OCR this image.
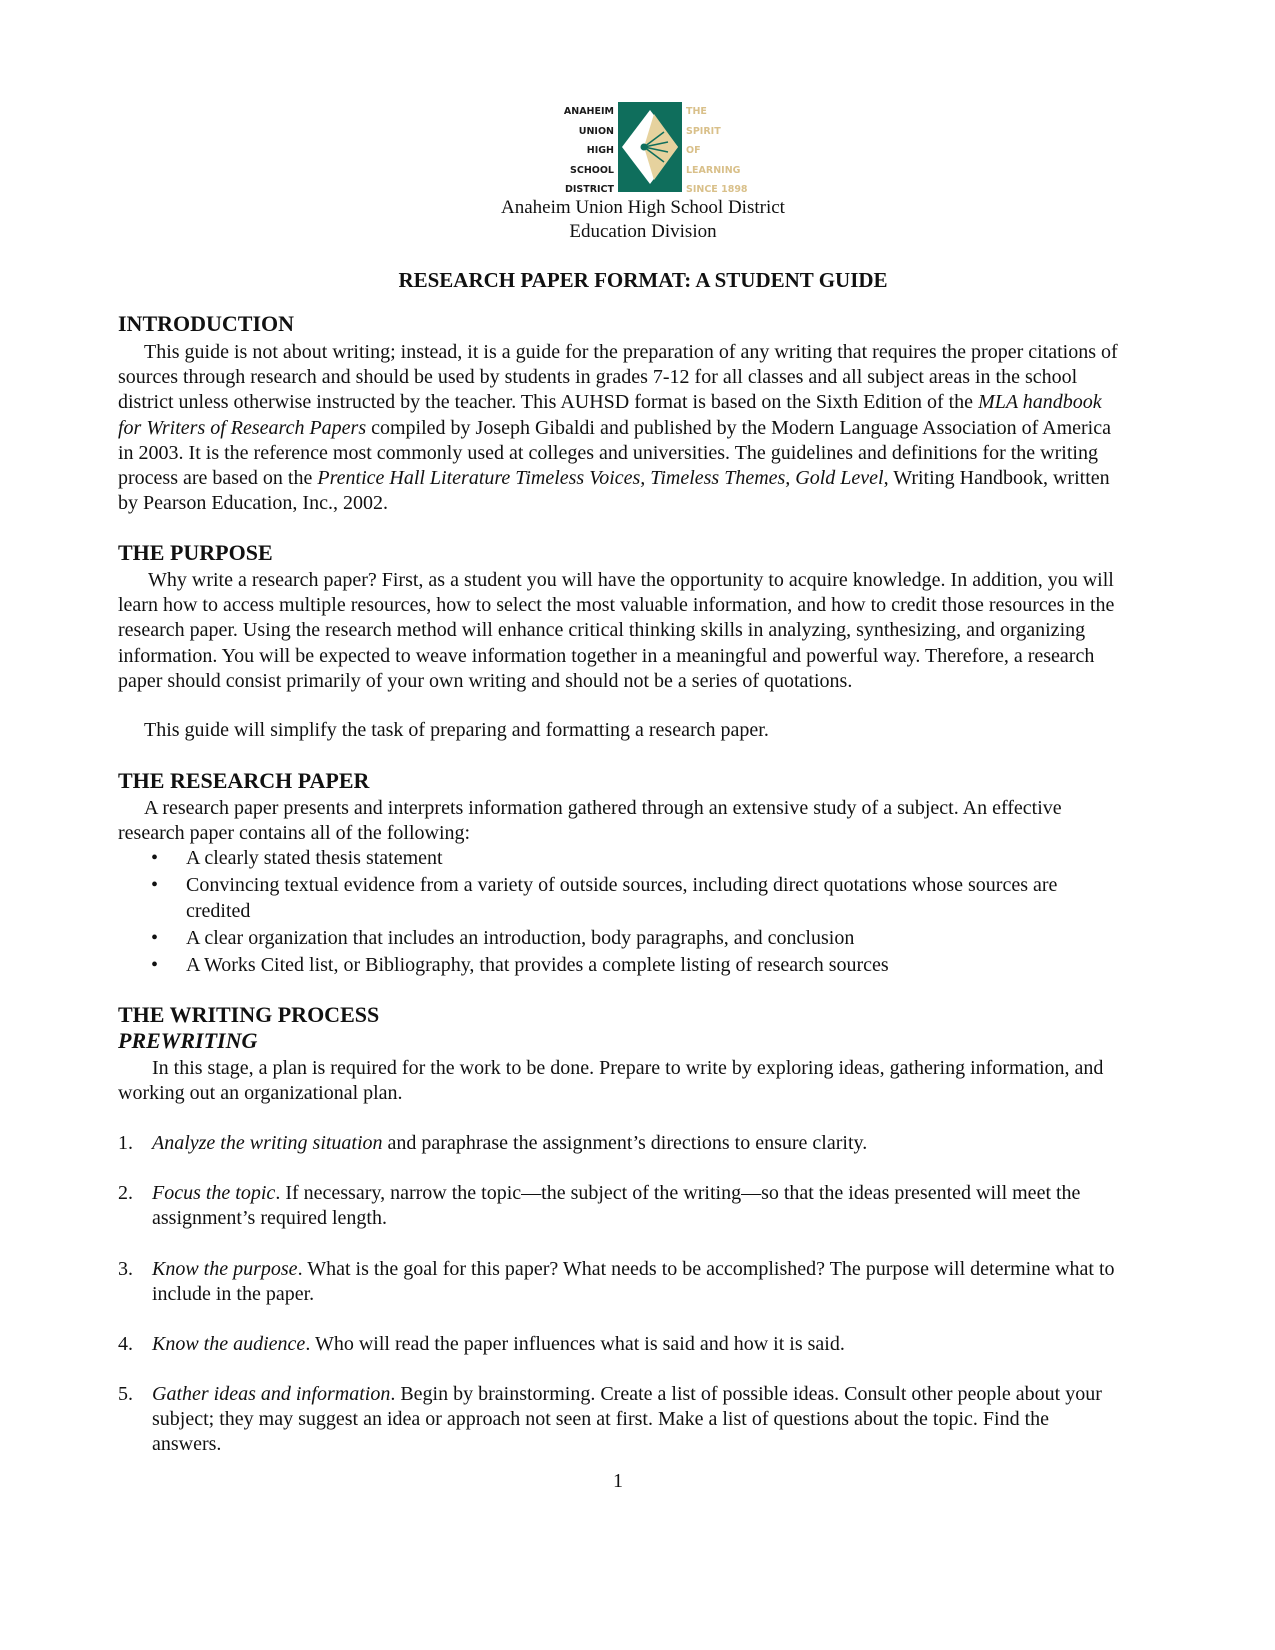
ANAHEIM
UNION
HIGH
SCHOOL
DISTRICT
THE
SPIRIT
OF
LEARNING
SINCE 1898
Anaheim Union High School District
Education Division
RESEARCH PAPER FORMAT: A STUDENT GUIDE
INTRODUCTION

This guide is not about writing; instead, it is a guide for the preparation of any writing that requires the proper citations of sources through research and should be used by students in grades 7-12 for all classes and all subject areas in the school district unless otherwise instructed by the teacher. This AUHSD format is based on the Sixth Edition of the MLA handbook for Writers of Research Papers compiled by Joseph Gibaldi and published by the Modern Language Association of America in 2003. It is the reference most commonly used at colleges and universities. The guidelines and definitions for the writing process are based on the Prentice Hall Literature Timeless Voices, Timeless Themes, Gold Level, Writing Handbook, written by Pearson Education, Inc., 2002.

THE PURPOSE

Why write a research paper? First, as a student you will have the opportunity to acquire knowledge. In addition, you will learn how to access multiple resources, how to select the most valuable information, and how to credit those resources in the research paper. Using the research method will enhance critical thinking skills in analyzing, synthesizing, and organizing information. You will be expected to weave information together in a meaningful and powerful way. Therefore, a research paper should consist primarily of your own writing and should not be a series of quotations.

This guide will simplify the task of preparing and formatting a research paper.

THE RESEARCH PAPER

A research paper presents and interprets information gathered through an extensive study of a subject. An effective research paper contains all of the following:

• A clearly stated thesis statement
• Convincing textual evidence from a variety of outside sources, including direct quotations whose sources are credited
• A clear organization that includes an introduction, body paragraphs, and conclusion
• A Works Cited list, or Bibliography, that provides a complete listing of research sources
THE WRITING PROCESS
PREWRITING

In this stage, a plan is required for the work to be done. Prepare to write by exploring ideas, gathering information, and working out an organizational plan.

1. Analyze the writing situation and paraphrase the assignment’s directions to ensure clarity.
2. Focus the topic. If necessary, narrow the topic—the subject of the writing—so that the ideas presented will meet the assignment’s required length.
3. Know the purpose. What is the goal for this paper? What needs to be accomplished? The purpose will determine what to include in the paper.
4. Know the audience. Who will read the paper influences what is said and how it is said.
5. Gather ideas and information. Begin by brainstorming. Create a list of possible ideas. Consult other people about your subject; they may suggest an idea or approach not seen at first. Make a list of questions about the topic. Find the answers.
1
